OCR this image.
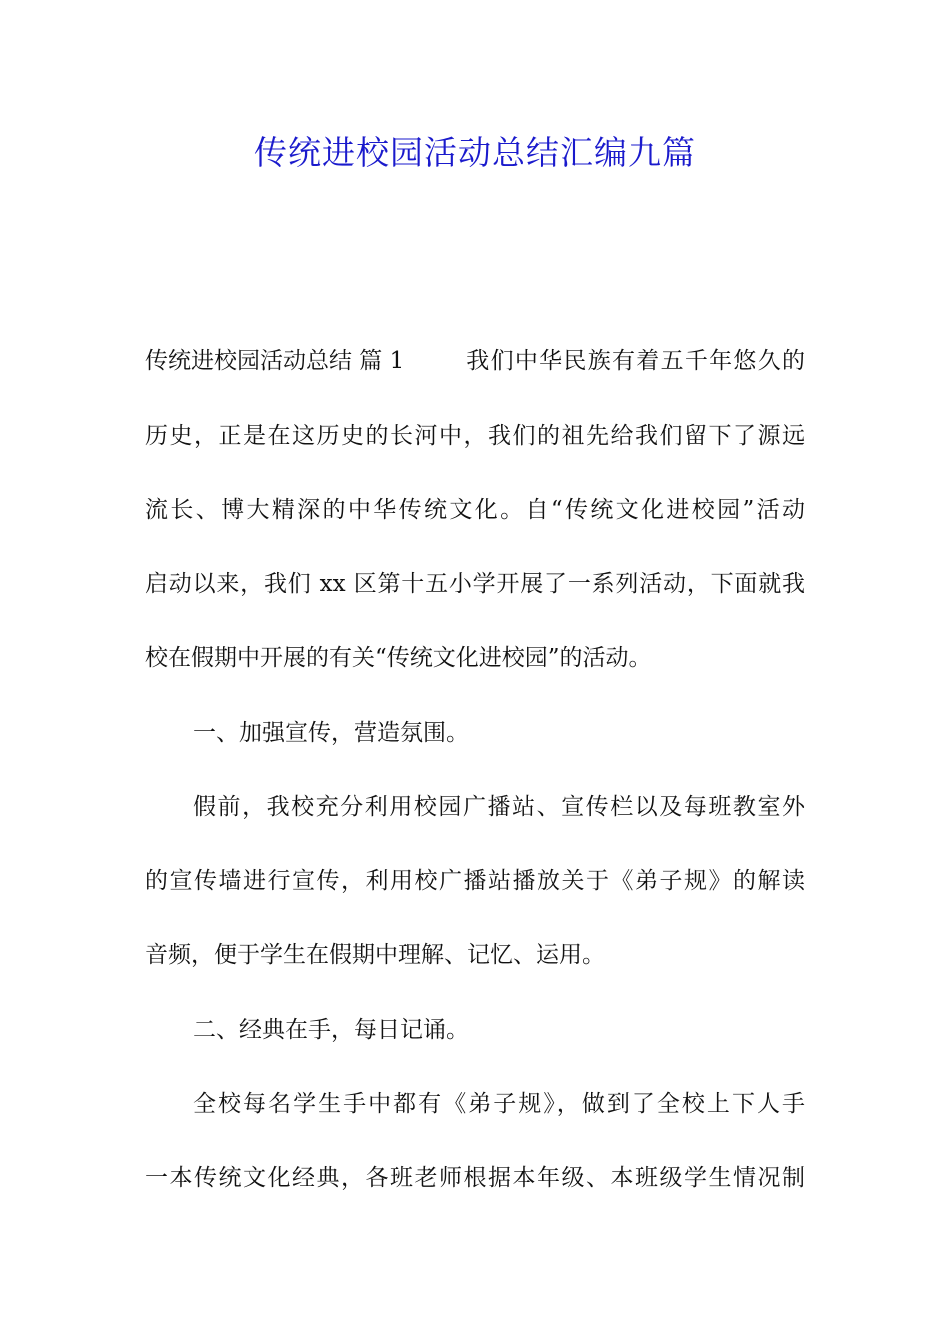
传统进校园活动总结汇编九篇
传统进校园活动总结 篇 1	我们中华民族有着五千年悠久的
历史，正是在这历史的长河中，我们的祖先给我们留下了源远
流长、博大精深的中华传统文化。自“传统文化进校园”活动
启动以来，我们 xx 区第十五小学开展了一系列活动，下面就我
校在假期中开展的有关“传统文化进校园”的活动。
一、加强宣传，营造氛围。
假前，我校充分利用校园广播站、宣传栏以及每班教室外
的宣传墙进行宣传，利用校广播站播放关于《弟子规》的解读
音频，便于学生在假期中理解、记忆、运用。
二、经典在手，每日记诵。
全校每名学生手中都有《弟子规》，做到了全校上下人手
一本传统文化经典，各班老师根据本年级、本班级学生情况制
